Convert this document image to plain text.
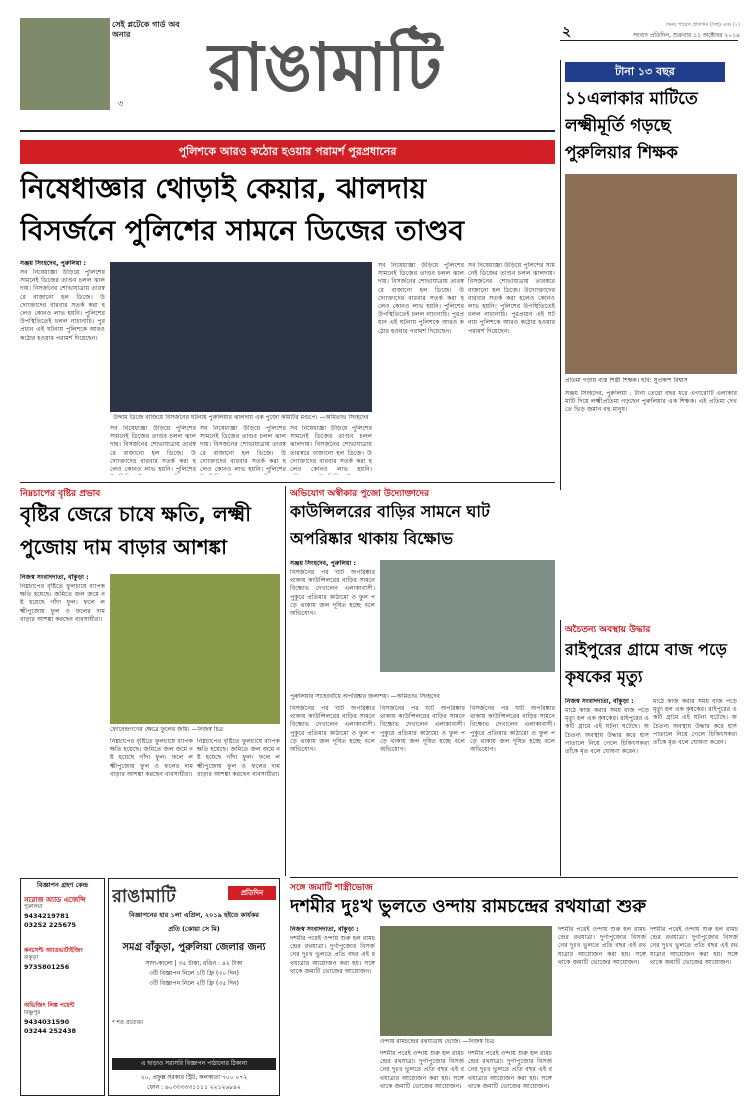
সেই প্লটেকে গার্ড অব অনার
৩	রাঙামাটি	২	সংবাদ প্রতিদিন, শুক্রবার ১১ অক্টোবর ২০১৯
বিনয় পারেখ প্রতিদিন (বিশ্ব) এবং (২)
টানা ১৩ বছর
১১এলাকার মাটিতে লক্ষ্মীমূর্তি গড়ছে পুরুলিয়ার শিক্ষক
প্রতিমা গড়ায় ব্যস্ত শিল্পী শিক্ষক। ছবি: সুপ্রকাশ বিশ্বাস
সঞ্জয় সিংহদেব, পুরুলিয়া : টানা তেরো বছর ধরে এগারোটি এলাকার মাটি দিয়ে লক্ষ্মীপ্রতিমা গড়ছেন পুরুলিয়ার এক শিক্ষক। এই প্রতিমা দেখতে ভিড় জমান বহু মানুষ।
পুলিশকে আরও কঠোর হওয়ার পরামর্শ পুরপ্রধানের
নিষেধাজ্ঞার থোড়াই কেয়ার, ঝালদায়
বিসর্জনে পুলিশের সামনে ডিজের তাণ্ডব
সঞ্জয় সিংহদেব, পুরুলিয়া :
সব নিষেধাজ্ঞা উড়িয়ে পুলিশের সামনেই ডিজের তাণ্ডব চলল ঝালদায়। বিসর্জনের শোভাযাত্রায় তারস্বরে বাজানো হল ডিজে। উদ্যোক্তাদের বারবার সতর্ক করা হলেও কোনও লাভ হয়নি। পুলিশের উপস্থিতিতেই চলল নাচানাচি। পুরপ্রধান এই ঘটনায় পুলিশকে আরও কঠোর হওয়ার পরামর্শ দিয়েছেন।
উদ্দাম ডিজে বাজিয়ে বিসর্জনের ঘটনায় পুরুলিয়ার ঝালদায় এক পুজো কমিটির মণ্ডপে। —অমিতাভ সিংহদেব
সব নিষেধাজ্ঞা উড়িয়ে পুলিশের সামনেই ডিজের তাণ্ডব চলল ঝালদায়। বিসর্জনের শোভাযাত্রায় তারস্বরে বাজানো হল ডিজে। উদ্যোক্তাদের বারবার সতর্ক করা হলেও কোনও লাভ হয়নি। পুলিশের
সব নিষেধাজ্ঞা উড়িয়ে পুলিশের সামনেই ডিজের তাণ্ডব চলল ঝালদায়। বিসর্জনের শোভাযাত্রায় তারস্বরে বাজানো হল ডিজে। উদ্যোক্তাদের বারবার সতর্ক করা হলেও কোনও লাভ হয়নি। পুলিশের
সব নিষেধাজ্ঞা উড়িয়ে পুলিশের সামনেই ডিজের তাণ্ডব চলল ঝালদায়। বিসর্জনের শোভাযাত্রায় তারস্বরে বাজানো হল ডিজে। উদ্যোক্তাদের বারবার সতর্ক করা হলেও কোনও লাভ হয়নি।
সব নিষেধাজ্ঞা উড়িয়ে পুলিশের সামনেই ডিজের তাণ্ডব চলল ঝালদায়। বিসর্জনের শোভাযাত্রায় তারস্বরে বাজানো হল ডিজে। উদ্যোক্তাদের বারবার সতর্ক করা হলেও কোনও লাভ হয়নি। পুলিশের উপস্থিতিতেই চলল নাচানাচি। পুরপ্রধান এই ঘটনায় পুলিশকে আরও কঠোর হওয়ার পরামর্শ দিয়েছেন।
সব নিষেধাজ্ঞা উড়িয়ে পুলিশের সামনেই ডিজের তাণ্ডব চলল ঝালদায়। বিসর্জনের শোভাযাত্রায় তারস্বরে বাজানো হল ডিজে। উদ্যোক্তাদের বারবার সতর্ক করা হলেও কোনও লাভ হয়নি। পুলিশের উপস্থিতিতেই চলল নাচানাচি। পুরপ্রধান এই ঘটনায় পুলিশকে আরও কঠোর হওয়ার পরামর্শ দিয়েছেন।
নিম্নচাপের বৃষ্টির প্রভাব
বৃষ্টির জেরে চাষে ক্ষতি, লক্ষ্মী পুজোয় দাম বাড়ার আশঙ্কা
নিজস্ব সংবাদদাতা, বাঁকুড়া :
নিম্নচাপের বৃষ্টিতে ফুলচাষে ব্যাপক ক্ষতি হয়েছে। জমিতে জল জমে নষ্ট হয়েছে গাঁদা ফুল। ফলে লক্ষ্মীপুজোয় ফুল ও ফলের দাম বাড়ার আশঙ্কা করছেন ব্যবসায়ীরা।
ফোনেন্দ্রগণের ক্ষেত্রে ফুলের জমি। —নিজস্ব চিত্র
নিম্নচাপের বৃষ্টিতে ফুলচাষে ব্যাপক ক্ষতি হয়েছে। জমিতে জল জমে নষ্ট হয়েছে গাঁদা ফুল। ফলে লক্ষ্মীপুজোয় ফুল ও ফলের দাম বাড়ার আশঙ্কা করছেন ব্যবসায়ীরা।
নিম্নচাপের বৃষ্টিতে ফুলচাষে ব্যাপক ক্ষতি হয়েছে। জমিতে জল জমে নষ্ট হয়েছে গাঁদা ফুল। ফলে লক্ষ্মীপুজোয় ফুল ও ফলের দাম বাড়ার আশঙ্কা করছেন ব্যবসায়ীরা।
অভিযোগ অস্বীকার পুজো উদ্যোক্তাদের
কাউন্সিলরের বাড়ির সামনে ঘাট অপরিষ্কার থাকায় বিক্ষোভ
সঞ্জয় সিংহদেব, পুরুলিয়া :
বিসর্জনের পর ঘাট অপরিষ্কার থাকায় কাউন্সিলরের বাড়ির সামনে বিক্ষোভ দেখালেন এলাকাবাসী। পুকুরে প্রতিমার কাঠামো ও ফুল পড়ে থাকায় জল দূষিত হচ্ছে বলে অভিযোগ।
পুরুলিয়ার সাহেববাঁধে অপরিষ্কার জলাশয়। —অমিতাভ সিংহদেব
বিসর্জনের পর ঘাট অপরিষ্কার থাকায় কাউন্সিলরের বাড়ির সামনে বিক্ষোভ দেখালেন এলাকাবাসী। পুকুরে প্রতিমার কাঠামো ও ফুল পড়ে থাকায় জল দূষিত হচ্ছে বলে অভিযোগ।
বিসর্জনের পর ঘাট অপরিষ্কার থাকায় কাউন্সিলরের বাড়ির সামনে বিক্ষোভ দেখালেন এলাকাবাসী। পুকুরে প্রতিমার কাঠামো ও ফুল পড়ে থাকায় জল দূষিত হচ্ছে বলে অভিযোগ।
বিসর্জনের পর ঘাট অপরিষ্কার থাকায় কাউন্সিলরের বাড়ির সামনে বিক্ষোভ দেখালেন এলাকাবাসী। পুকুরে প্রতিমার কাঠামো ও ফুল পড়ে থাকায় জল দূষিত হচ্ছে বলে অভিযোগ।
অচৈতন্য অবস্থায় উদ্ধার
রাইপুরের গ্রামে বাজ পড়ে কৃষকের মৃত্যু
নিজস্ব সংবাদদাতা, বাঁকুড়া :
মাঠে কাজ করার সময় বাজ পড়ে মৃত্যু হল এক কৃষকের। রাইপুরের একটি গ্রামে এই ঘটনা ঘটেছে। অচৈতন্য অবস্থায় উদ্ধার করে হাসপাতালে নিয়ে গেলে চিকিৎসকরা তাঁকে মৃত বলে ঘোষণা করেন।
মাঠে কাজ করার সময় বাজ পড়ে মৃত্যু হল এক কৃষকের। রাইপুরের একটি গ্রামে এই ঘটনা ঘটেছে। অচৈতন্য অবস্থায় উদ্ধার করে হাসপাতালে নিয়ে গেলে চিকিৎসকরা তাঁকে মৃত বলে ঘোষণা করেন।
সঙ্গে জমাটি শাস্ত্রীভোজ
দশমীর দুঃখ ভুলতে ওন্দায় রামচন্দ্রের রথযাত্রা শুরু
নিজস্ব সংবাদদাতা, বাঁকুড়া :
দশমীর পরেই ওন্দায় শুরু হল রামচন্দ্রের রথযাত্রা। দুর্গাপুজোর বিসর্জনের দুঃখ ভুলতে প্রতি বছর এই রথযাত্রার আয়োজন করা হয়। সঙ্গে থাকে জমাটি ভোজের আয়োজন।
ওন্দায় রামচন্দ্রের রথযাত্রায় ভোজ। —নিজস্ব চিত্র
দশমীর পরেই ওন্দায় শুরু হল রামচন্দ্রের রথযাত্রা। দুর্গাপুজোর বিসর্জনের দুঃখ ভুলতে প্রতি বছর এই রথযাত্রার আয়োজন করা হয়। সঙ্গে থাকে জমাটি ভোজের আয়োজন।
দশমীর পরেই ওন্দায় শুরু হল রামচন্দ্রের রথযাত্রা। দুর্গাপুজোর বিসর্জনের দুঃখ ভুলতে প্রতি বছর এই রথযাত্রার আয়োজন করা হয়। সঙ্গে থাকে জমাটি ভোজের আয়োজন।
দশমীর পরেই ওন্দায় শুরু হল রামচন্দ্রের রথযাত্রা। দুর্গাপুজোর বিসর্জনের দুঃখ ভুলতে প্রতি বছর এই রথযাত্রার আয়োজন করা হয়। সঙ্গে থাকে জমাটি ভোজের আয়োজন।
দশমীর পরেই ওন্দায় শুরু হল রামচন্দ্রের রথযাত্রা। দুর্গাপুজোর বিসর্জনের দুঃখ ভুলতে প্রতি বছর এই রথযাত্রার আয়োজন করা হয়। সঙ্গে থাকে জমাটি ভোজের আয়োজন।
বিজ্ঞাপন গ্রহণ কেন্দ্র
সরোজ অ্যাড এজেন্সি
পুরুলিয়া
9434219781
03252 225675
কনসেপ্ট অ্যাডভার্টাইজিং
বাঁকুড়া
9735801256
অভিজিৎ লিঙ্ক পয়েন্ট
বিষ্ণুপুর
9434031590
03244 252438
রাঙামাটি	প্রতিদিন
বিজ্ঞাপনের হার ১লা এপ্রিল, ২০১৯ হইতে কার্যকর
প্রতি (কোয়া সে মি)
সমগ্র বাঁকুড়া, পুরুলিয়া জেলার জন্য
সাদা-কালো | ৩৫ টাকা, রঙিন : ৪২ টাকা
৩টি বিজ্ঞাপন নিলে ১টি ফ্রি (৩০ দিন)
৩টি বিজ্ঞাপন নিলে ২টি ফ্রি (৩৫ দিন)
* শর্ত প্রযোজ্য
এ ছাড়াও সরাসরি বিজ্ঞাপন পাঠানোর ঠিকানা
২০, প্রফুল্ল সরকার স্ট্রিট, কলকাতা ৭০০ ০৭২
ফোন : ৯০৩৩৩৩৩১১১১ ২২১২৬৮৯২
